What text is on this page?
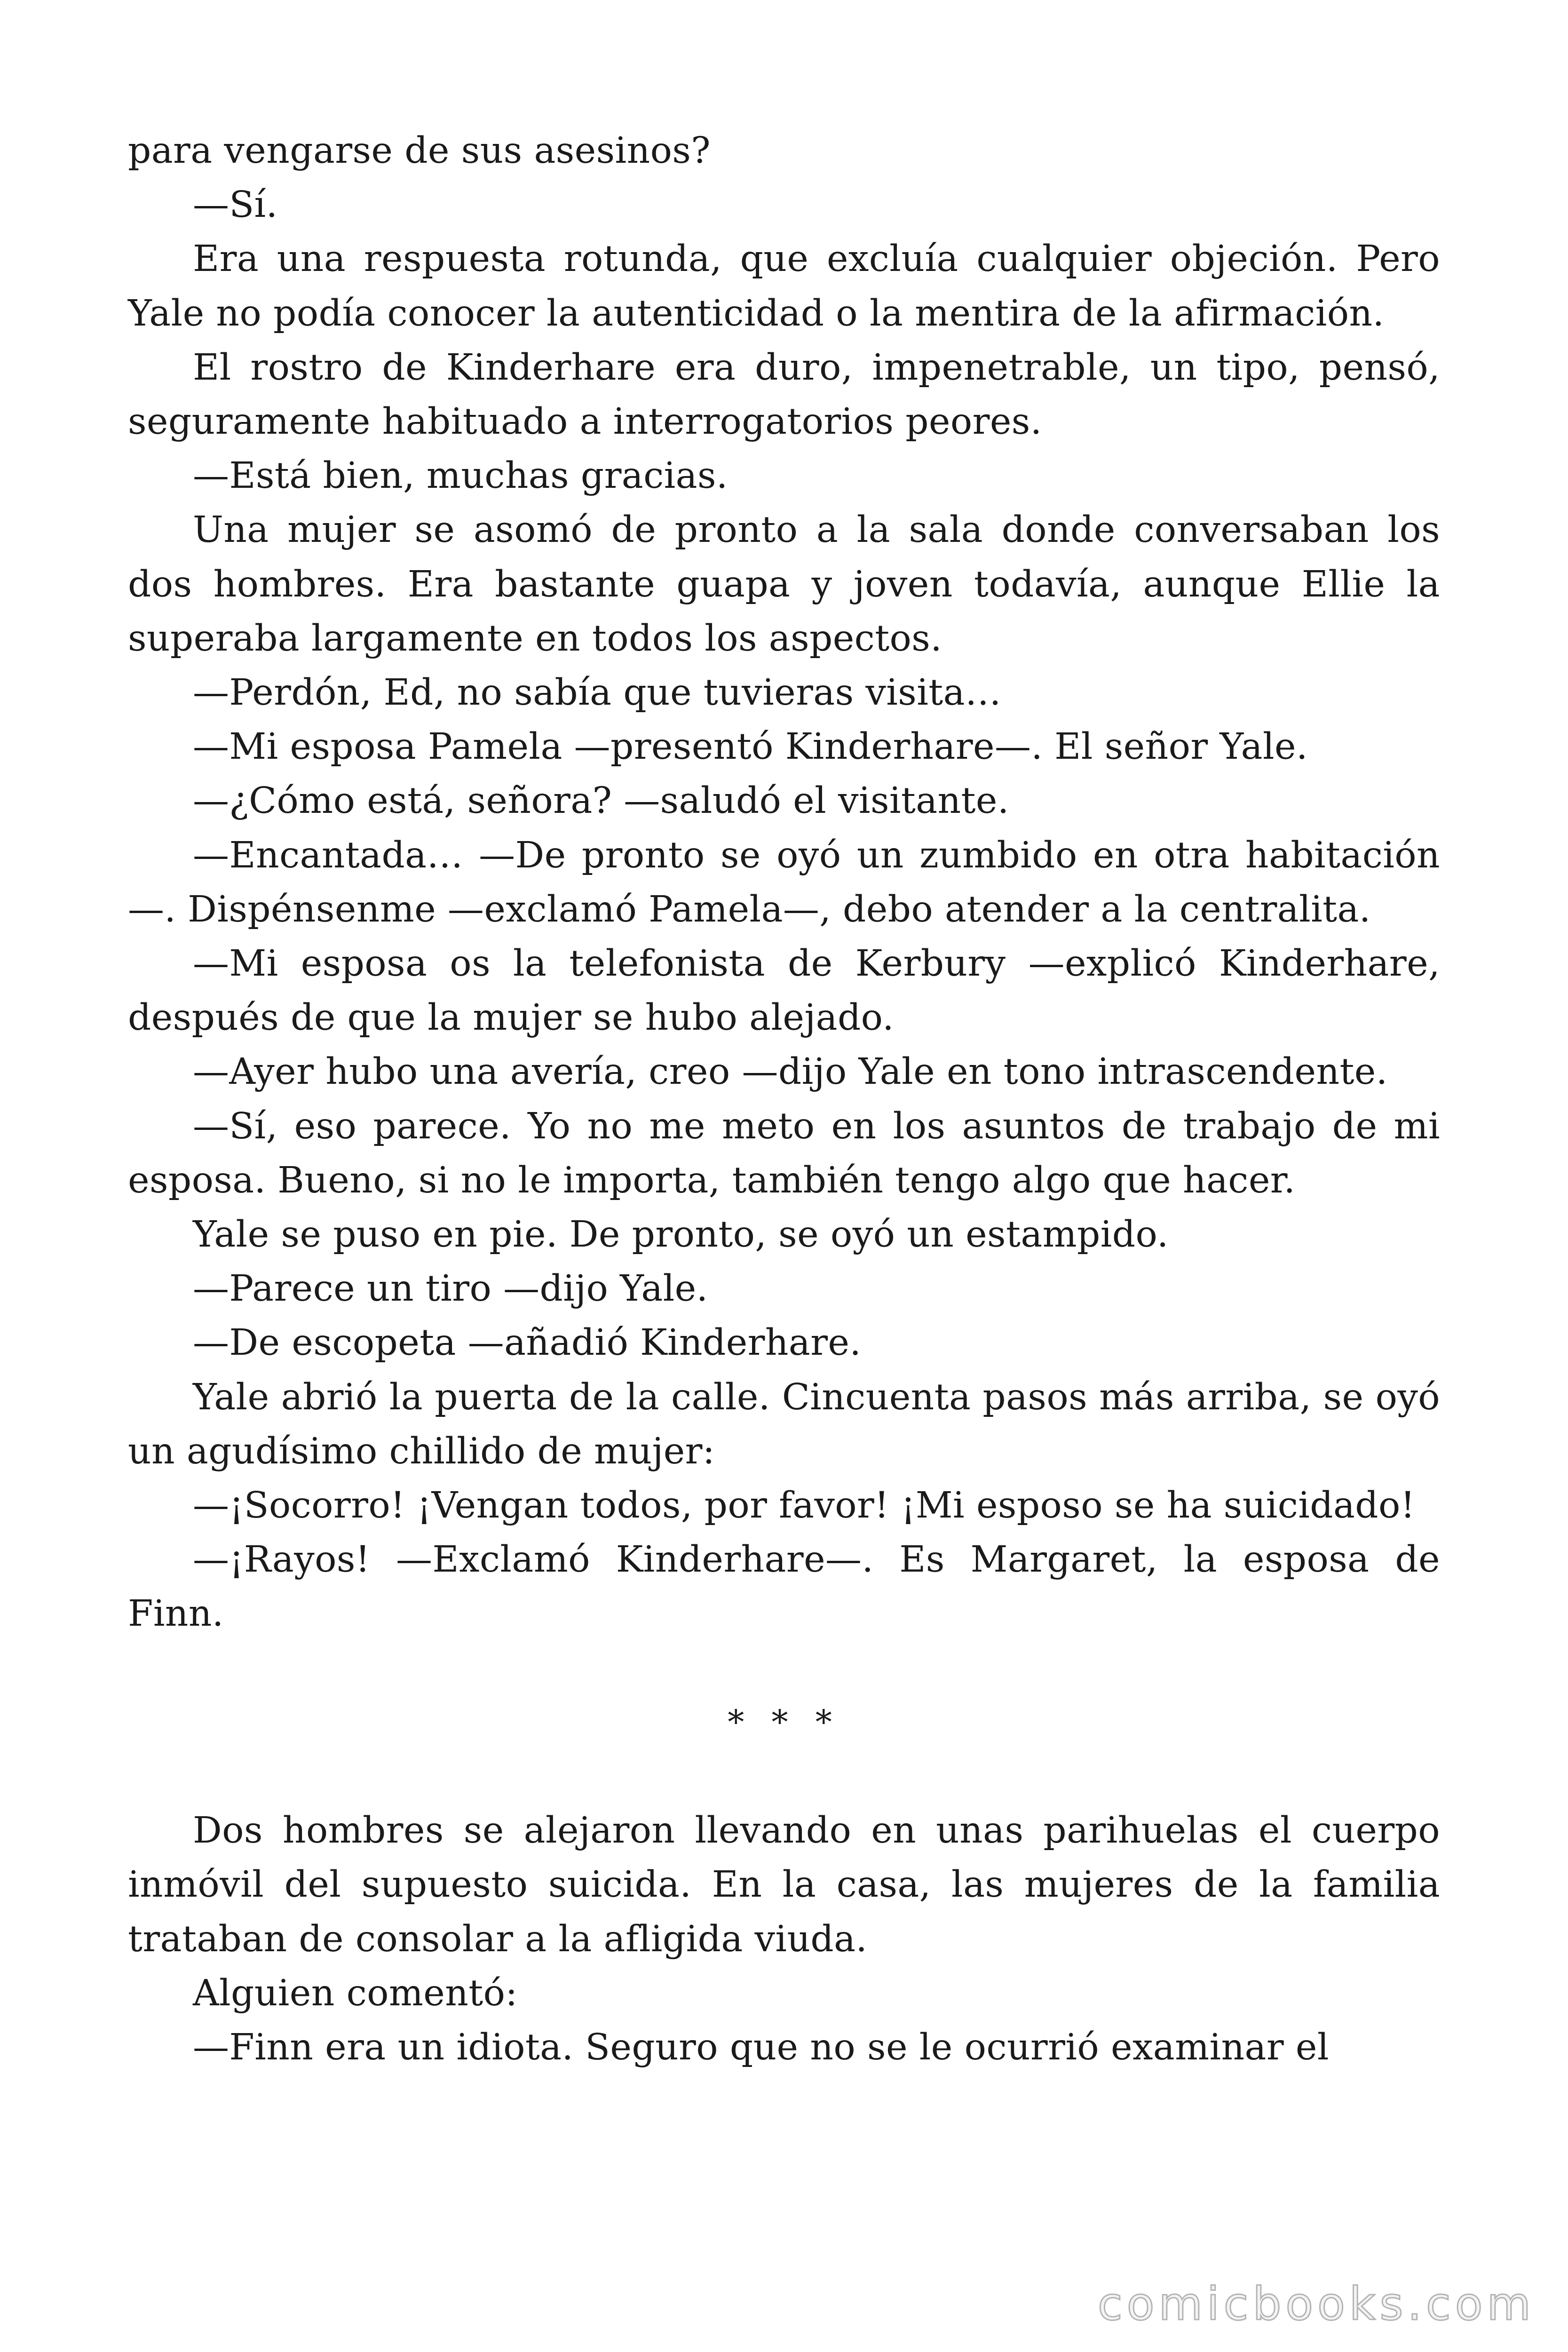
para vengarse de sus asesinos?

—Sí.

Era una respuesta rotunda, que excluía cualquier objeción. Pero Yale no podía conocer la autenticidad o la mentira de la afirmación.

El rostro de Kinderhare era duro, impenetrable, un tipo, pensó, seguramente habituado a interrogatorios peores.

—Está bien, muchas gracias.

Una mujer se asomó de pronto a la sala donde conversaban los dos hombres. Era bastante guapa y joven todavía, aunque Ellie la superaba largamente en todos los aspectos.

—Perdón, Ed, no sabía que tuvieras visita…

—Mi esposa Pamela —presentó Kinderhare—. El señor Yale.

—¿Cómo está, señora? —saludó el visitante.

—Encantada… —De pronto se oyó un zumbido en otra habitación—. Dispénsenme —exclamó Pamela—, debo atender a la centralita.

—Mi esposa os la telefonista de Kerbury —explicó Kinderhare, después de que la mujer se hubo alejado.

—Ayer hubo una avería, creo —dijo Yale en tono intrascendente.

—Sí, eso parece. Yo no me meto en los asuntos de trabajo de mi esposa. Bueno, si no le importa, también tengo algo que hacer.

Yale se puso en pie. De pronto, se oyó un estampido.

—Parece un tiro —dijo Yale.

—De escopeta —añadió Kinderhare.

Yale abrió la puerta de la calle. Cincuenta pasos más arriba, se oyó un agudísimo chillido de mujer:

—¡Socorro! ¡Vengan todos, por favor! ¡Mi esposo se ha suicidado!

—¡Rayos! —Exclamó Kinderhare—. Es Margaret, la esposa de Finn.

* * *

Dos hombres se alejaron llevando en unas parihuelas el cuerpo inmóvil del supuesto suicida. En la casa, las mujeres de la familia trataban de consolar a la afligida viuda.

Alguien comentó:

—Finn era un idiota. Seguro que no se le ocurrió examinar el

comicbooks.com
